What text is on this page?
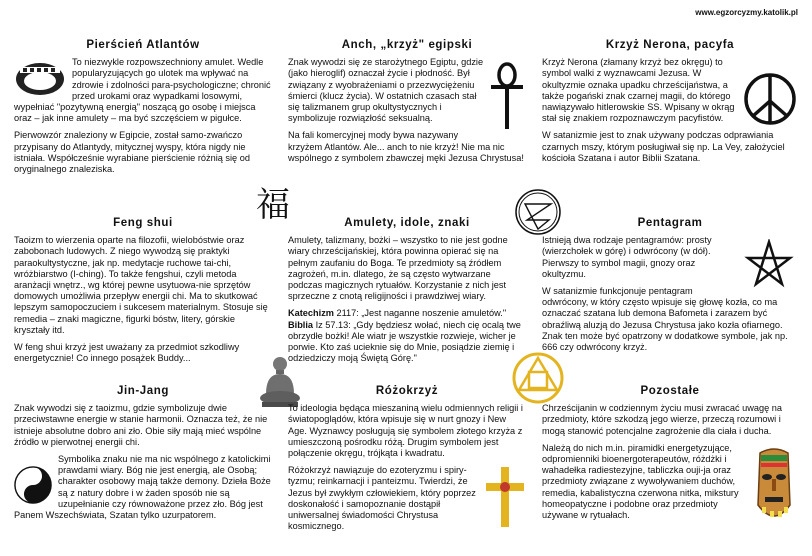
www.egzorcyzmy.katolik.pl
Pierścień Atlantów

To niezwykle rozpowszechniony amulet. Wedle popularyzujących go ulotek ma wpływać na zdrowie i zdolności para-psychologiczne; chronić przed urokami oraz wypadkami losowymi, wypełniać "pozytywną energią" noszącą go osobę i miejsca oraz – jak inne amulety – ma być szczęściem w pigułce.

Pierwowzór znaleziony w Egipcie, został samo-zwańczo przypisany do Atlantydy, mitycznej wyspy, która nigdy nie istniała. Współcześnie wyrabiane pierścienie różnią się od oryginalnego znaleziska.

Anch, „krzyż" egipski

Znak wywodzi się ze starożytnego Egiptu, gdzie (jako hieroglif) oznaczał życie i płodność. Był związany z wyobrażeniami o przezwyciężeniu śmierci (klucz życia). W ostatnich czasach stał się talizmanem grup okultystycznych i symbolizuje rozwiązłość seksualną.

Na fali komercyjnej mody bywa nazywany krzyżem Atlantów. Ale... anch to nie krzyż! Nie ma nic wspólnego z symbolem zbawczej męki Jezusa Chrystusa!

Krzyż Nerona, pacyfa

Krzyż Nerona (złamany krzyż bez okręgu) to symbol walki z wyznawcami Jezusa. W okultyzmie oznaka upadku chrześcijaństwa, a także pogański znak czarnej magii, do którego nawiązywało hitlerowskie SS. Wpisany w okrąg stał się znakiem rozpoznawczym pacyfistów.

W satanizmie jest to znak używany podczas odprawiania czarnych mszy, którym posługiwał się np. La Vey, założyciel kościoła Szatana i autor Biblii Szatana.

福
Feng shui

Taoizm to wierzenia oparte na filozofii, wielobóstwie oraz zabobonach ludowych. Z niego wywodzą się praktyki paraokultystyczne, jak np. medytacje ruchowe tai-chi, wróżbiarstwo (I-ching). To także fengshui, czyli metoda aranżacji wnętrz., wg której pewne usytuowa-nie sprzętów domowych umożliwia przepływ energii chi. Ma to skutkować lepszym samopoczuciem i sukcesem materialnym. Stosuje się remedia – znaki magiczne, figurki bóstw, litery, górskie kryształy itd.

W feng shui krzyż jest uważany za przedmiot szkodliwy energetycznie! Co innego posążek Buddy...

Amulety, idole, znaki

Amulety, talizmany, bożki – wszystko to nie jest godne wiary chrześcijańskiej, która powinna opierać się na pełnym zaufaniu do Boga. Te przedmioty są źródłem zagrożeń, m.in. dlatego, że są często wytwarzane podczas magicznych rytuałów. Korzystanie z nich jest sprzeczne z cnotą religijności i prawdziwej wiary.

Katechizm 2117: „Jest naganne noszenie amuletów."

Biblia Iz 57.13: „Gdy będziesz wołać, niech cię ocalą twe obrzydłe bożki! Ale wiatr je wszystkie rozwieje, wicher je porwie. Kto zaś ucieknie się do Mnie, posiądzie ziemię i odziedziczy moją Świętą Górę."

Pentagram

Istnieją dwa rodzaje pentagramów: prosty (wierzchołek w górę) i odwrócony (w dół). Pierwszy to symbol magii, gnozy oraz okultyzmu.

W satanizmie funkcjonuje pentagram odwrócony, w który często wpisuje się głowę kozła, co ma oznaczać szatana lub demona Bafometa i zarazem być obraźliwą aluzją do Jezusa Chrystusa jako kozła ofiarnego. Znak ten może być opatrzony w dodatkowe symbole, jak np. 666 czy odwrócony krzyż.

Jin-Jang

Znak wywodzi się z taoizmu, gdzie symbolizuje dwie przeciwstawne energie w stanie harmonii. Oznacza też, że nie istnieje absolutne dobro ani zło. Obie siły mają mieć wspólne źródło w pierwotnej energii chi.

Symbolika znaku nie ma nic wspólnego z katolickimi prawdami wiary. Bóg nie jest energią, ale Osobą; charakter osobowy mają także demony. Dzieła Boże są z natury dobre i w żaden sposób nie są uzupełnianie czy równoważone przez zło. Bóg jest Panem Wszechświata, Szatan tylko uzurpatorem.

Różokrzyż

To ideologia będąca mieszaniną wielu odmiennych religii i światopoglądów, która wpisuje się w nurt gnozy i New Age. Wyznawcy posługują się symbolem złotego krzyża z umieszczoną pośrodku różą. Drugim symbolem jest połączenie okręgu, trójkąta i kwadratu.

Różokrzyż nawiązuje do ezoteryzmu i spiry-tyzmu; reinkarnacji i panteizmu. Twierdzi, że Jezus był zwykłym człowiekiem, który poprzez doskonałość i samopoznanie dostąpił uniwersalnej świadomości Chrystusa kosmicznego.

Pozostałe

Chrześcijanin w codziennym życiu musi zwracać uwagę na przedmioty, które szkodzą jego wierze, przeczą rozumowi i mogą stanowić potencjalne zagrożenie dla ciała i ducha.

Należą do nich m.in. piramidki energetyzujące, odpromienniki bioenergoterapeutów, różdżki i wahadełka radiestezyjne, tabliczka ouji-ja oraz przedmioty związane z wywoływaniem duchów, remedia, kabalistyczna czerwona nitka, mikstury homeopatyczne i podobne oraz przedmioty używane w rytuałach.
